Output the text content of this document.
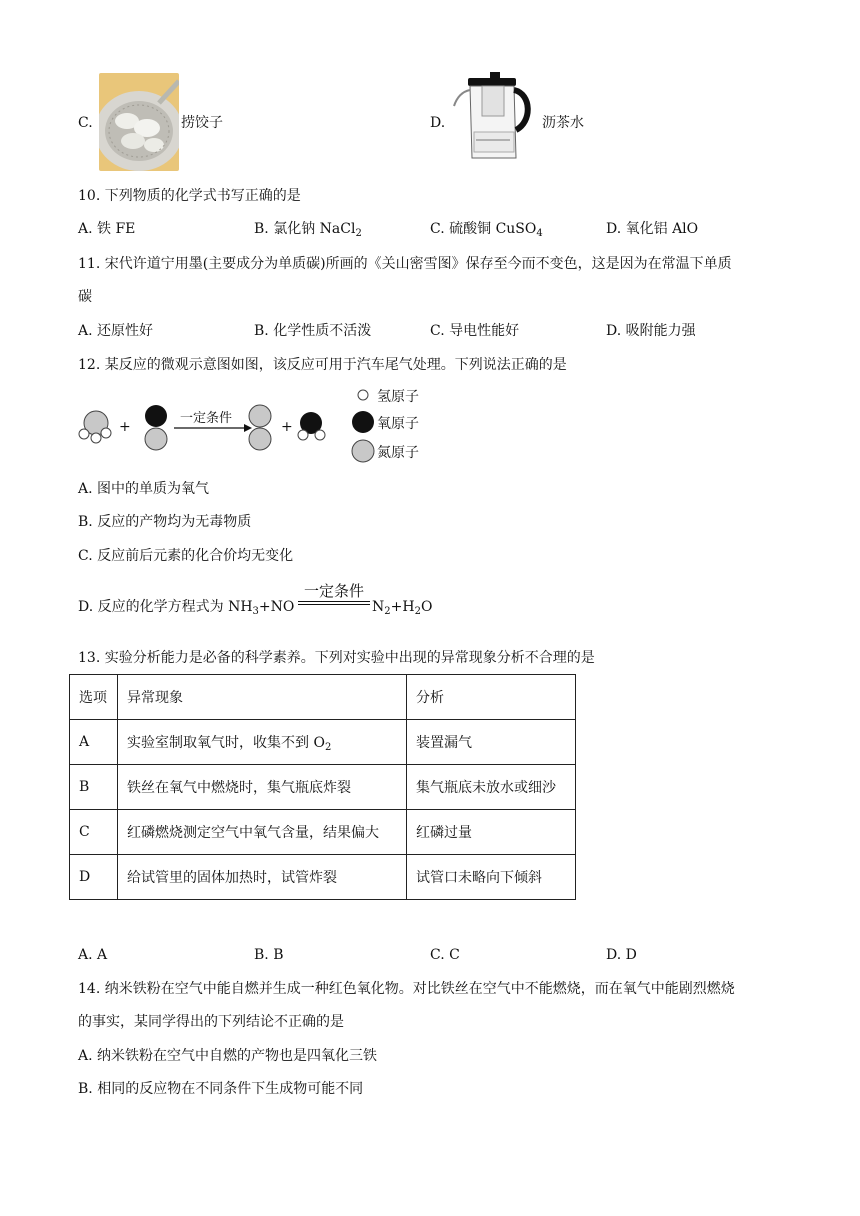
C.	捞饺子	D.	沥茶水
10. 下列物质的化学式书写正确的是
A. 铁 FE	B. 氯化钠 NaCl$_2$	C. 硫酸铜 CuSO$_4$	D. 氧化铝 AlO
11. 宋代许道宁用墨(主要成分为单质碳)所画的《关山密雪图》保存至今而不变色，这是因为在常温下单质
碳
A. 还原性好	B. 化学性质不活泼	C. 导电性能好	D. 吸附能力强
12. 某反应的微观示意图如图，该反应可用于汽车尾气处理。下列说法正确的是
+	+
一定条件
氢原子
氧原子
氮原子
A. 图中的单质为氧气
B. 反应的产物均为无毒物质
C. 反应前后元素的化合价均无变化
D. 反应的化学方程式为 $NH_3+NO$
一定条件
$N_2+H_2O$
13. 实验分析能力是必备的科学素养。下列对实验中出现的异常现象分析不合理的是
选项	异常现象	分析
A	实验室制取氧气时，收集不到 $O_2$	装置漏气
B	铁丝在氧气中燃烧时，集气瓶底炸裂	集气瓶底未放水或细沙
C	红磷燃烧测定空气中氧气含量，结果偏大	红磷过量
D	给试管里的固体加热时，试管炸裂	试管口未略向下倾斜
A. A	B. B	C. C	D. D
14. 纳米铁粉在空气中能自燃并生成一种红色氧化物。对比铁丝在空气中不能燃烧，而在氧气中能剧烈燃烧
的事实，某同学得出的下列结论不正确的是
A. 纳米铁粉在空气中自燃的产物也是四氧化三铁
B. 相同的反应物在不同条件下生成物可能不同
